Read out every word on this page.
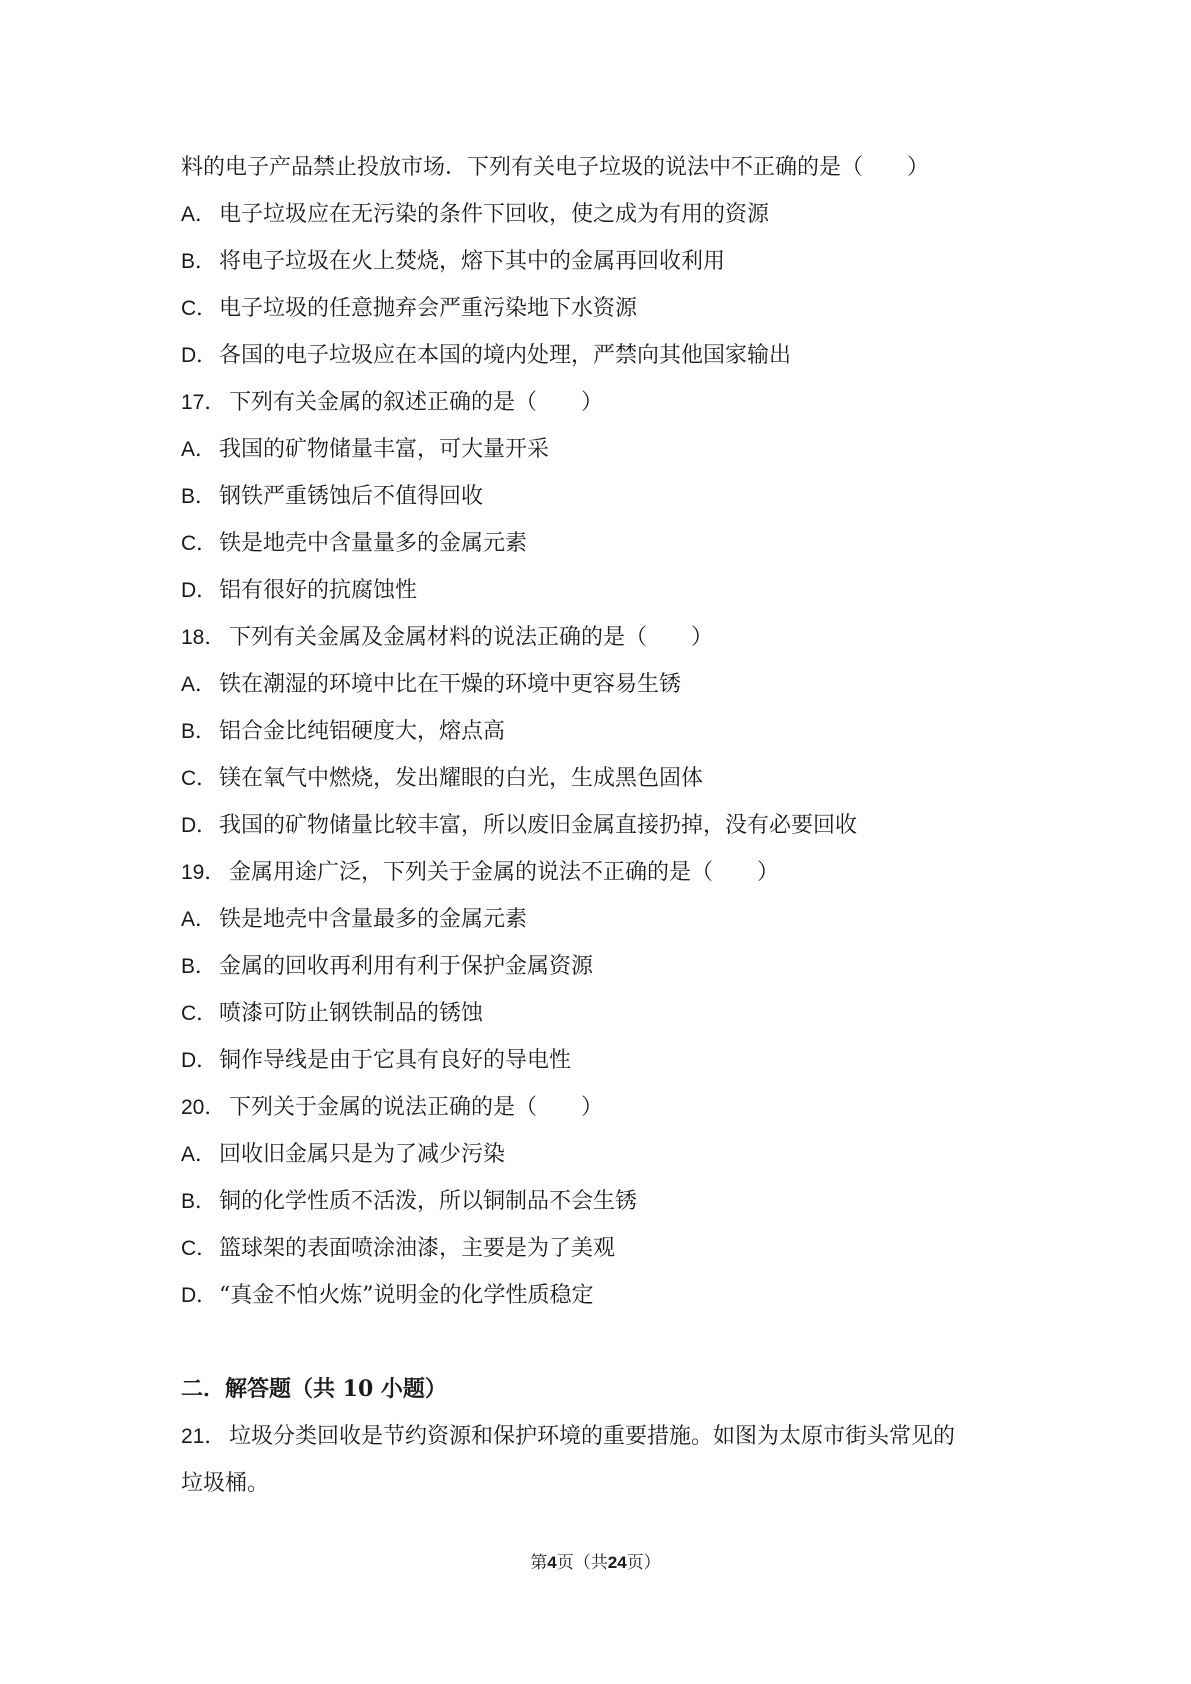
料的电子产品禁止投放市场．下列有关电子垃圾的说法中不正确的是（　　）
A． 电子垃圾应在无污染的条件下回收，使之成为有用的资源
B． 将电子垃圾在火上焚烧，熔下其中的金属再回收利用
C．电子垃圾的任意抛弃会严重污染地下水资源
D．各国的电子垃圾应在本国的境内处理，严禁向其他国家输出
17． 下列有关金属的叙述正确的是（　　）
A． 我国的矿物储量丰富，可大量开采
B． 钢铁严重锈蚀后不值得回收
C．铁是地壳中含量量多的金属元素
D．铝有很好的抗腐蚀性
18． 下列有关金属及金属材料的说法正确的是（　　）
A． 铁在潮湿的环境中比在干燥的环境中更容易生锈
B． 铝合金比纯铝硬度大，熔点高
C．镁在氧气中燃烧，发出耀眼的白光，生成黑色固体
D．我国的矿物储量比较丰富，所以废旧金属直接扔掉，没有必要回收
19． 金属用途广泛，下列关于金属的说法不正确的是（　　）
A． 铁是地壳中含量最多的金属元素
B． 金属的回收再利用有利于保护金属资源
C．喷漆可防止钢铁制品的锈蚀
D．铜作导线是由于它具有良好的导电性
20． 下列关于金属的说法正确的是（　　）
A． 回收旧金属只是为了减少污染
B． 铜的化学性质不活泼，所以铜制品不会生锈
C．篮球架的表面喷涂油漆，主要是为了美观
D．“真金不怕火炼”说明金的化学性质稳定
二．解答题（共 10 小题）
21． 垃圾分类回收是节约资源和保护环境的重要措施。如图为太原市街头常见的
垃圾桶。
第4页（共24页）
